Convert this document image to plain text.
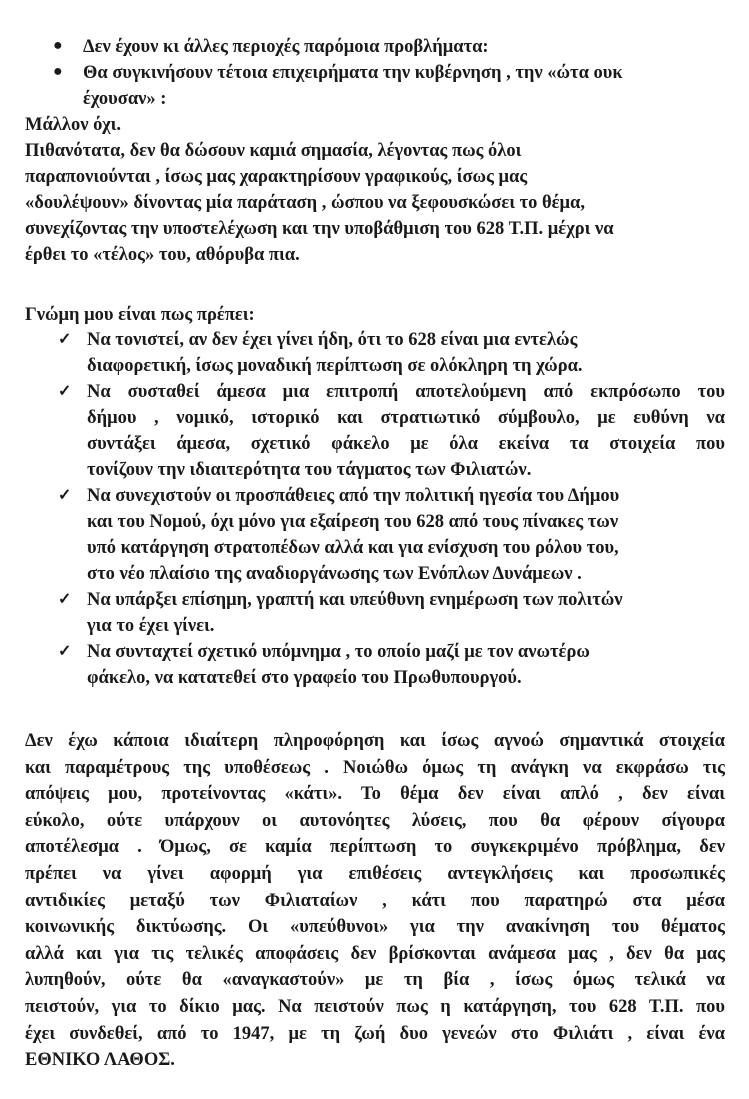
● Δεν έχουν κι άλλες περιοχές παρόμοια προβλήματα:
● Θα συγκινήσουν τέτοια επιχειρήματα την κυβέρνηση , την «ώτα ουκ
έχουσαν» :
Μάλλον όχι.
Πιθανότατα, δεν θα δώσουν καμιά σημασία, λέγοντας πως όλοι
παραπονιούνται , ίσως μας χαρακτηρίσουν γραφικούς, ίσως μας
«δουλέψουν» δίνοντας μία παράταση , ώσπου να ξεφουσκώσει το θέμα,
συνεχίζοντας την υποστελέχωση και την υποβάθμιση του 628 Τ.Π. μέχρι να
έρθει το «τέλος» του, αθόρυβα πια.
Γνώμη μου είναι πως πρέπει:
✓ Να τονιστεί, αν δεν έχει γίνει ήδη, ότι το 628 είναι μια εντελώς
διαφορετική, ίσως μοναδική περίπτωση σε ολόκληρη τη χώρα.
✓ Να συσταθεί άμεσα μια επιτροπή αποτελούμενη από εκπρόσωπο του
δήμου , νομικό, ιστορικό και στρατιωτικό σύμβουλο, με ευθύνη να
συντάξει άμεσα, σχετικό φάκελο με όλα εκείνα τα στοιχεία που
τονίζουν την ιδιαιτερότητα του τάγματος των Φιλιατών.
✓ Να συνεχιστούν οι προσπάθειες από την πολιτική ηγεσία του Δήμου
και του Νομού, όχι μόνο για εξαίρεση του 628 από τους πίνακες των
υπό κατάργηση στρατοπέδων αλλά και για ενίσχυση του ρόλου του,
στο νέο πλαίσιο της αναδιοργάνωσης των Ενόπλων Δυνάμεων .
✓ Να υπάρξει επίσημη, γραπτή και υπεύθυνη ενημέρωση των πολιτών
για το έχει γίνει.
✓ Να συνταχτεί σχετικό υπόμνημα , το οποίο μαζί με τον ανωτέρω
φάκελο, να κατατεθεί στο γραφείο του Πρωθυπουργού.
Δεν έχω κάποια ιδιαίτερη πληροφόρηση και ίσως αγνοώ σημαντικά στοιχεία
και παραμέτρους της υποθέσεως . Νοιώθω όμως τη ανάγκη να εκφράσω τις
απόψεις μου, προτείνοντας «κάτι». Το θέμα δεν είναι απλό , δεν είναι
εύκολο, ούτε υπάρχουν οι αυτονόητες λύσεις, που θα φέρουν σίγουρα
αποτέλεσμα . Όμως, σε καμία περίπτωση το συγκεκριμένο πρόβλημα, δεν
πρέπει να γίνει αφορμή για επιθέσεις αντεγκλήσεις και προσωπικές
αντιδικίες μεταξύ των Φιλιαταίων , κάτι που παρατηρώ στα μέσα
κοινωνικής δικτύωσης. Οι «υπεύθυνοι» για την ανακίνηση του θέματος
αλλά και για τις τελικές αποφάσεις δεν βρίσκονται ανάμεσα μας , δεν θα μας
λυπηθούν, ούτε θα «αναγκαστούν» με τη βία , ίσως όμως τελικά να
πειστούν, για το δίκιο μας. Να πειστούν πως η κατάργηση, του 628 Τ.Π. που
έχει συνδεθεί, από το 1947, με τη ζωή δυο γενεών στο Φιλιάτι , είναι ένα
ΕΘΝΙΚΟ ΛΑΘΟΣ.
